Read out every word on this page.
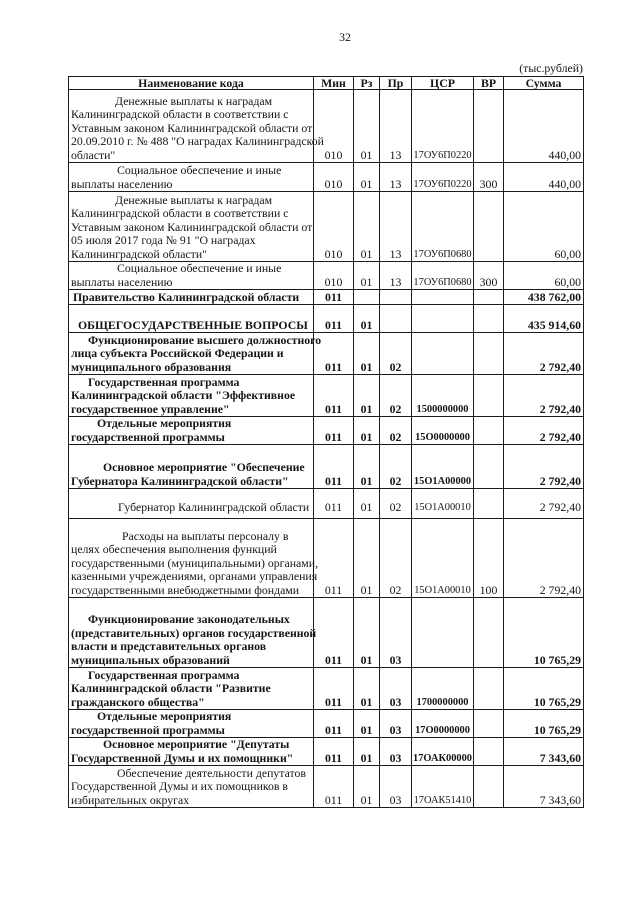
32
(тыс.рублей)
Наименование кода	Мин	Рз	Пр	ЦСР	ВР	Сумма
Денежные выплаты к наградам
Калининградской области в соответствии с
Уставным законом Калининградской области от
20.09.2010 г. № 488 "О наградах Калининградской
области"	010	01	13	17ОУ6П0220		440,00
Социальное обеспечение и иные
выплаты населению	010	01	13	17ОУ6П0220	300	440,00
Денежные выплаты к наградам
Калининградской области в соответствии с
Уставным законом Калининградской области от
05 июля 2017 года № 91 "О наградах
Калининградской области"	010	01	13	17ОУ6П0680		60,00
Социальное обеспечение и иные
выплаты населению	010	01	13	17ОУ6П0680	300	60,00
Правительство Калининградской области	011					438 762,00
ОБЩЕГОСУДАРСТВЕННЫЕ ВОПРОСЫ	011	01				435 914,60
Функционирование высшего должностного
лица субъекта Российской Федерации и
муниципального образования	011	01	02			2 792,40
Государственная программа
Калининградской области "Эффективное
государственное управление"	011	01	02	1500000000		2 792,40
Отдельные мероприятия
государственной программы	011	01	02	15О0000000		2 792,40
Основное мероприятие "Обеспечение
Губернатора Калининградской области"	011	01	02	15О1А00000		2 792,40
Губернатор Калининградской области	011	01	02	15О1А00010		2 792,40
Расходы на выплаты персоналу в
целях обеспечения выполнения функций
государственными (муниципальными) органами,
казенными учреждениями, органами управления
государственными внебюджетными фондами	011	01	02	15О1А00010	100	2 792,40
Функционирование законодательных
(представительных) органов государственной
власти и представительных органов
муниципальных образований	011	01	03			10 765,29
Государственная программа
Калининградской области "Развитие
гражданского общества"	011	01	03	1700000000		10 765,29
Отдельные мероприятия
государственной программы	011	01	03	17О0000000		10 765,29
Основное мероприятие "Депутаты
Государственной Думы и их помощники"	011	01	03	17ОАК00000		7 343,60
Обеспечение деятельности депутатов
Государственной Думы и их помощников в
избирательных округах	011	01	03	17ОАК51410		7 343,60
